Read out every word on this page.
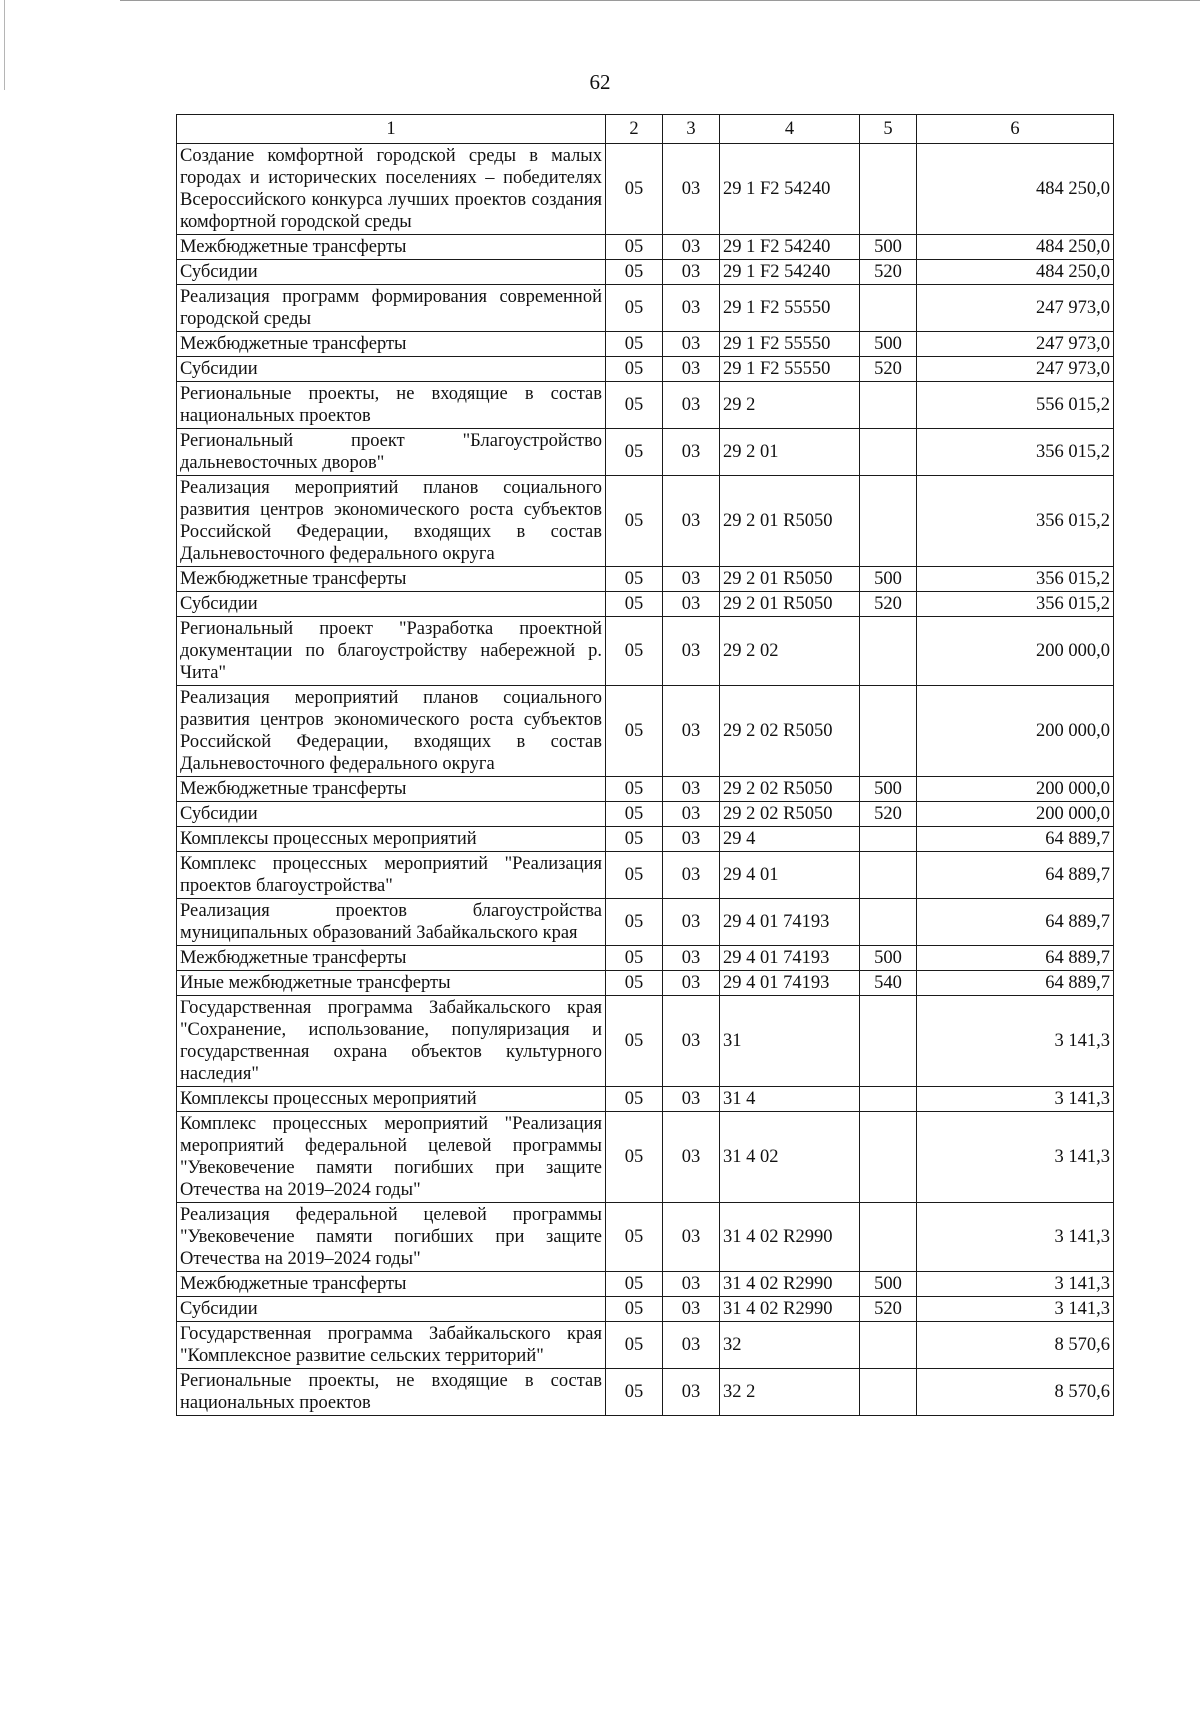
62
1	2	3	4	5	6
Создание комфортной городской среды в малых городах и исторических поселениях – победителях Всероссийского конкурса лучших проектов создания комфортной городской среды	05	03	29 1 F2 54240		484 250,0
Межбюджетные трансферты	05	03	29 1 F2 54240	500	484 250,0
Субсидии	05	03	29 1 F2 54240	520	484 250,0
Реализация программ формирования современной городской среды	05	03	29 1 F2 55550		247 973,0
Межбюджетные трансферты	05	03	29 1 F2 55550	500	247 973,0
Субсидии	05	03	29 1 F2 55550	520	247 973,0
Региональные проекты, не входящие в состав национальных проектов	05	03	29 2		556 015,2
Региональный проект "Благоустройство дальневосточных дворов"	05	03	29 2 01		356 015,2
Реализация мероприятий планов социального развития центров экономического роста субъектов Российской Федерации, входящих в состав Дальневосточного федерального округа	05	03	29 2 01 R5050		356 015,2
Межбюджетные трансферты	05	03	29 2 01 R5050	500	356 015,2
Субсидии	05	03	29 2 01 R5050	520	356 015,2
Региональный проект "Разработка проектной документации по благоустройству набережной р. Чита"	05	03	29 2 02		200 000,0
Реализация мероприятий планов социального развития центров экономического роста субъектов Российской Федерации, входящих в состав Дальневосточного федерального округа	05	03	29 2 02 R5050		200 000,0
Межбюджетные трансферты	05	03	29 2 02 R5050	500	200 000,0
Субсидии	05	03	29 2 02 R5050	520	200 000,0
Комплексы процессных мероприятий	05	03	29 4		64 889,7
Комплекс процессных мероприятий "Реализация проектов благоустройства"	05	03	29 4 01		64 889,7
Реализация проектов благоустройства муниципальных образований Забайкальского края	05	03	29 4 01 74193		64 889,7
Межбюджетные трансферты	05	03	29 4 01 74193	500	64 889,7
Иные межбюджетные трансферты	05	03	29 4 01 74193	540	64 889,7
Государственная программа Забайкальского края "Сохранение, использование, популяризация и государственная охрана объектов культурного наследия"	05	03	31		3 141,3
Комплексы процессных мероприятий	05	03	31 4		3 141,3
Комплекс процессных мероприятий "Реализация мероприятий федеральной целевой программы "Увековечение памяти погибших при защите Отечества на 2019–2024 годы"	05	03	31 4 02		3 141,3
Реализация федеральной целевой программы "Увековечение памяти погибших при защите Отечества на 2019–2024 годы"	05	03	31 4 02 R2990		3 141,3
Межбюджетные трансферты	05	03	31 4 02 R2990	500	3 141,3
Субсидии	05	03	31 4 02 R2990	520	3 141,3
Государственная программа Забайкальского края "Комплексное развитие сельских территорий"	05	03	32		8 570,6
Региональные проекты, не входящие в состав национальных проектов	05	03	32 2		8 570,6
